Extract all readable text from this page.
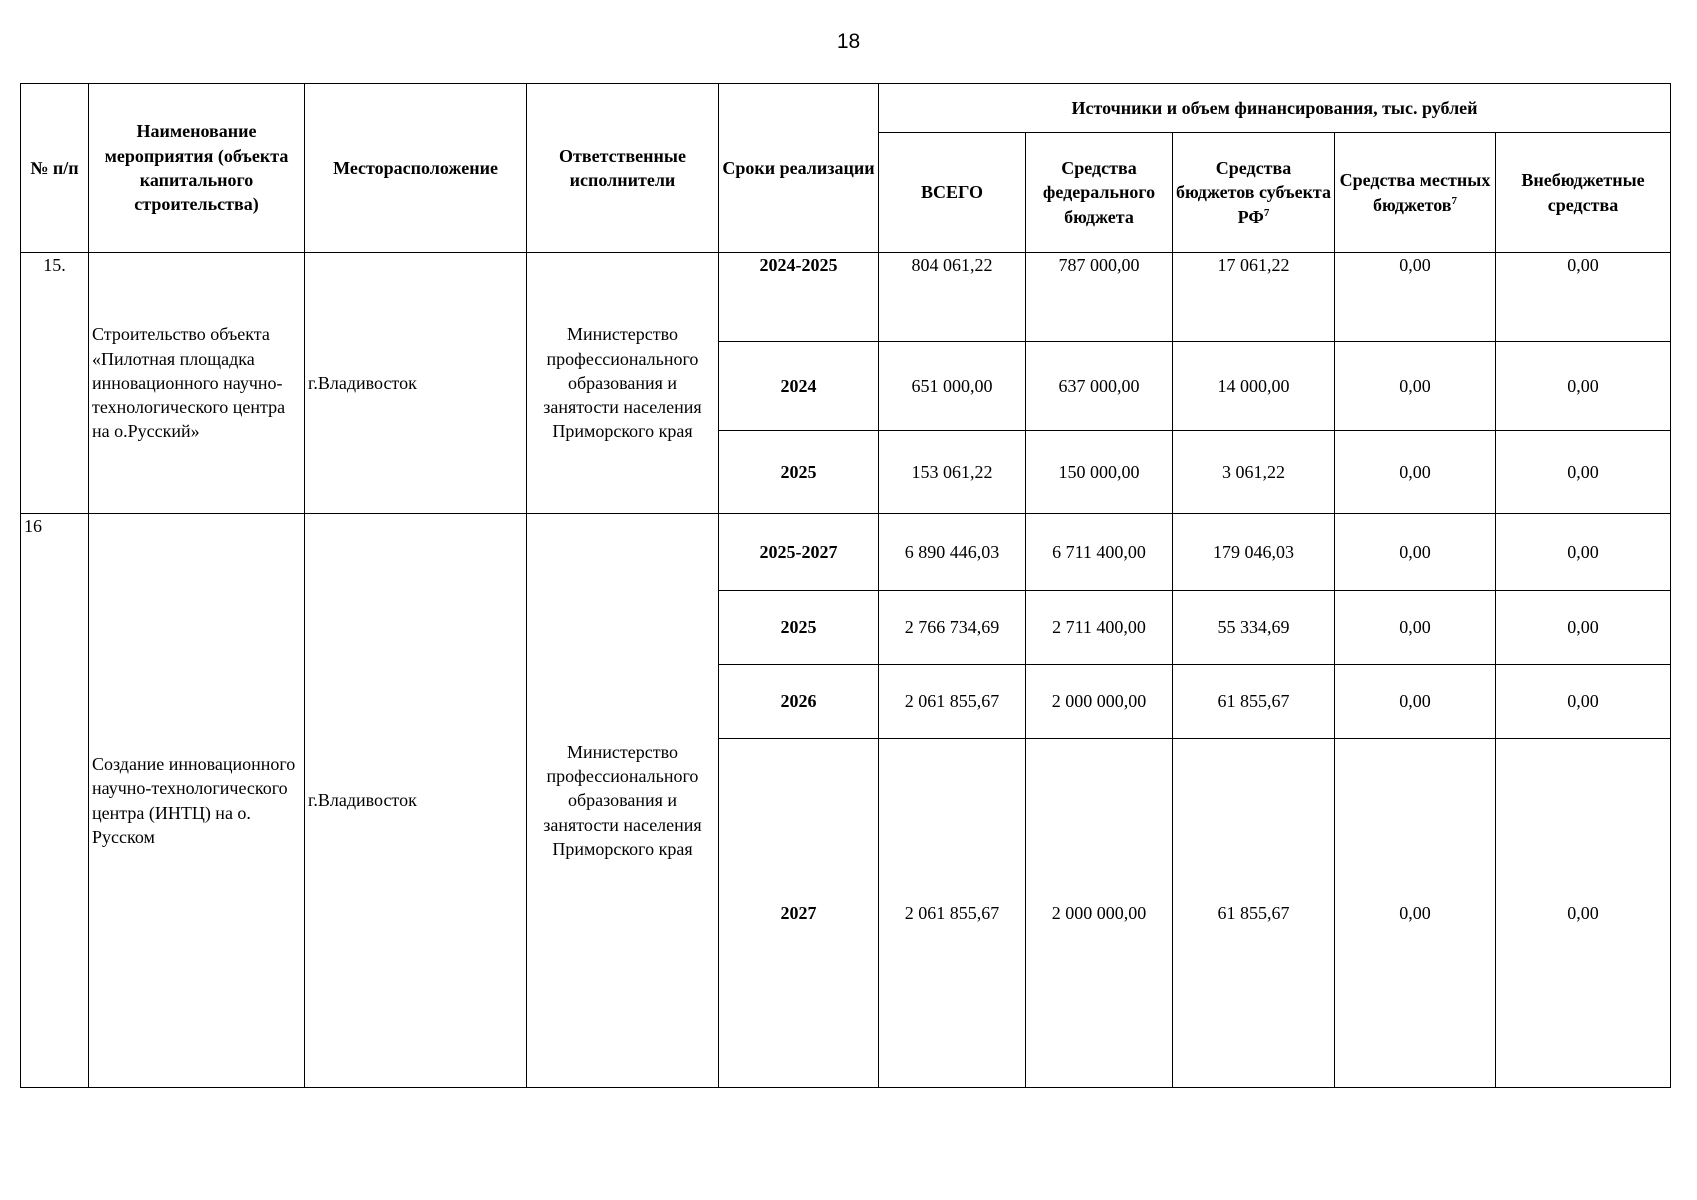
18
№ п/п	Наименование мероприятия (объекта капитального строительства)	Месторасположение	Ответственные исполнители	Сроки реализации	Источники и объем финансирования, тыс. рублей				
					ВСЕГО	Средства федерального бюджета	Средства бюджетов субъекта $РФ^7$	Средства местных бюджетов$^7$	Внебюджетные средства
15.	Строительство объекта «Пилотная площадка инновационного научно-технологического центра на о.Русский»	г.Владивосток	Министерство профессионального образования и занятости населения Приморского края	2024-2025	804 061,22	787 000,00	17 061,22	0,00	0,00
				2024	651 000,00	637 000,00	14 000,00	0,00	0,00
				2025	153 061,22	150 000,00	3 061,22	0,00	0,00
16	Создание инновационного научно-технологического центра (ИНТЦ) на о. Русском	г.Владивосток	Министерство профессионального образования и занятости населения Приморского края	2025-2027	6 890 446,03	6 711 400,00	179 046,03	0,00	0,00
				2025	2 766 734,69	2 711 400,00	55 334,69	0,00	0,00
				2026	2 061 855,67	2 000 000,00	61 855,67	0,00	0,00
				2027	2 061 855,67	2 000 000,00	61 855,67	0,00	0,00
